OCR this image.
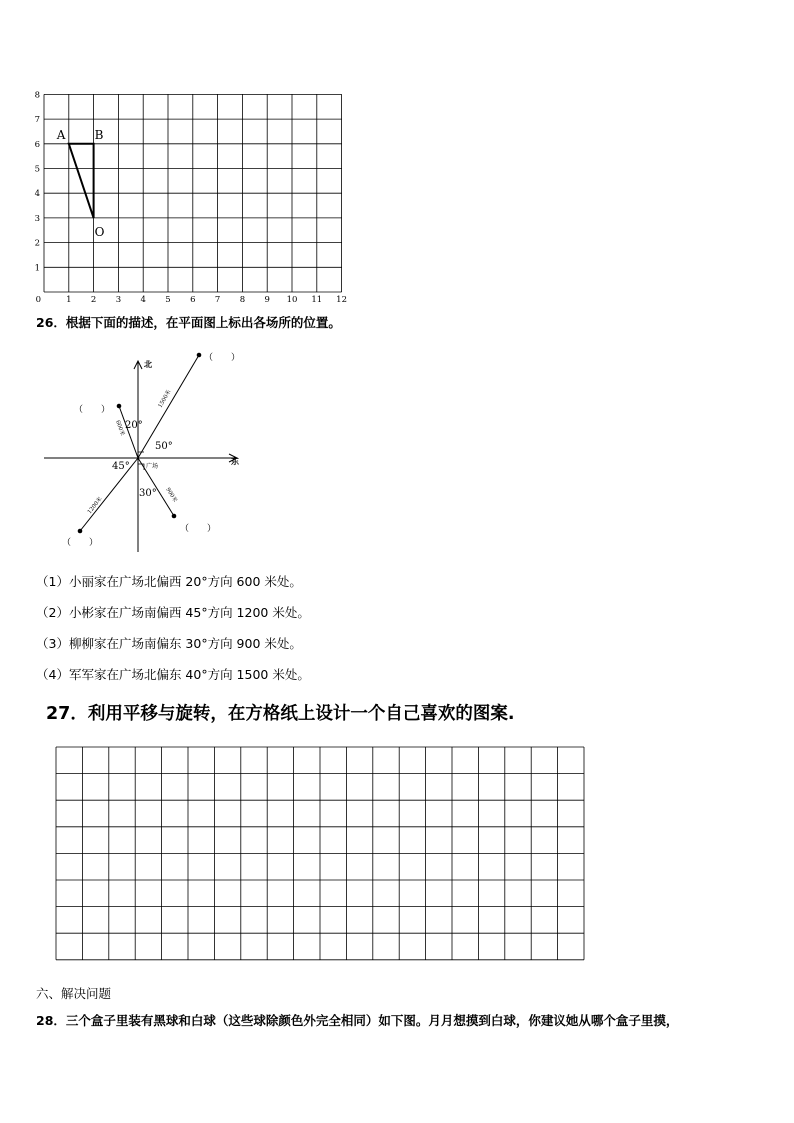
0	1 2 3 4 5 6 7 8 9 10 11 12
1
2
3
4
5
6
7
8
A B
O
26．根据下面的描述，在平面图上标出各场所的位置。
北
东
20°
50°
45°
30°
广场
1500米
600米
1200米
900米
（　　）
（　　）
（　　）
（　　）
（1）小丽家在广场北偏西 20°方向 600 米处。
（2）小彬家在广场南偏西 45°方向 1200 米处。
（3）柳柳家在广场南偏东 30°方向 900 米处。
（4）军军家在广场北偏东 40°方向 1500 米处。
27．利用平移与旋转，在方格纸上设计一个自己喜欢的图案.
六、解决问题
28．三个盒子里装有黑球和白球（这些球除颜色外完全相同）如下图。月月想摸到白球，你建议她从哪个盒子里摸，
